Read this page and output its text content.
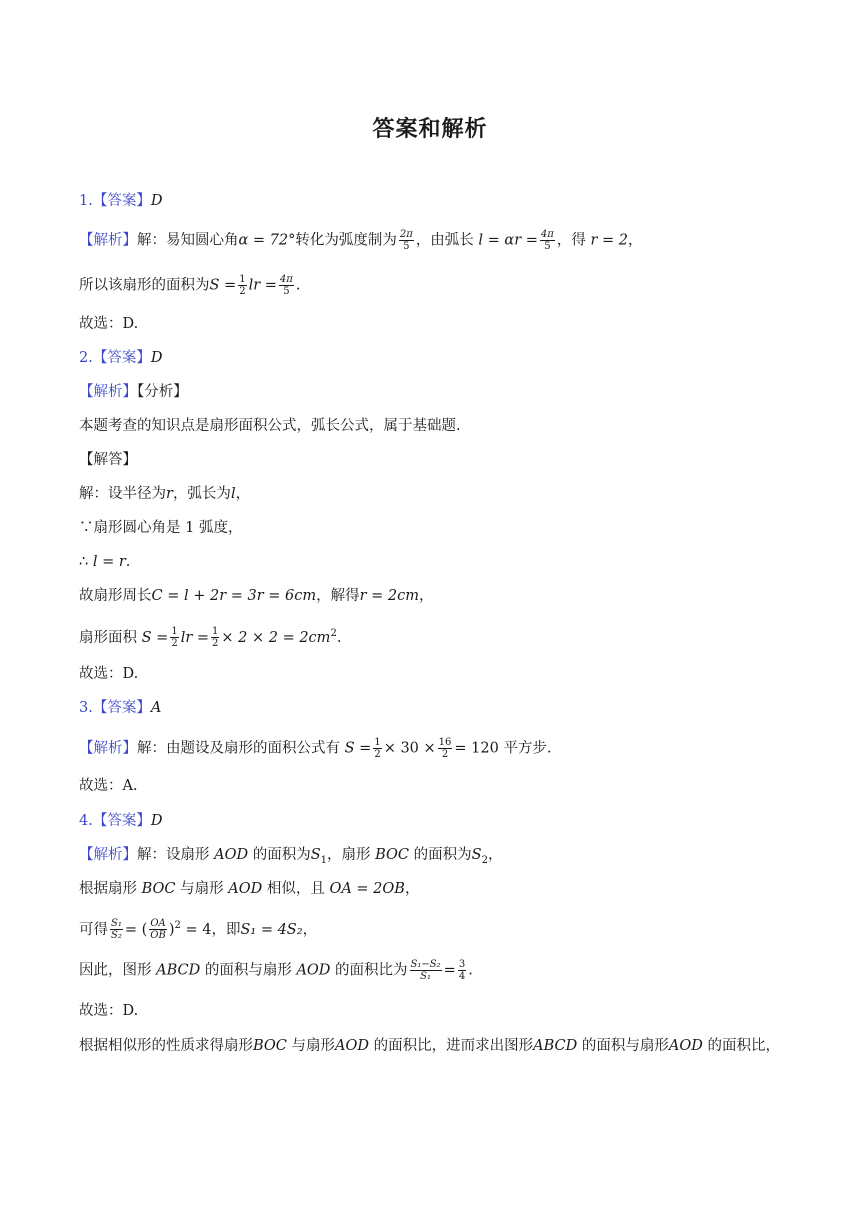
答案和解析
1.【答案】D
【解析】解：易知圆心角α = 72°转化为弧度制为 $\frac{2\pi}{5}$ ，由弧长 $l = \alpha r = \frac{4\pi}{5}$ ，得 r = 2，
所以该扇形的面积为$S = \frac{1}{2}$ lr = $\frac{4\pi}{5}$ .
故选：D.
2.【答案】D
【解析】【分析】
本题考查的知识点是扇形面积公式，弧长公式，属于基础题.
【解答】
解：设半径为r，弧长为l，
∵扇形圆心角是 1 弧度，
∴ l = r.
故扇形周长C = l + 2r = 3r = 6cm，解得r = 2cm，
扇形面积 $S = \frac{1}{2}$ lr = $\frac{1}{2} \times 2 \times 2 = 2cm^2$.
故选：D.
3.【答案】A
【解析】解：由题设及扇形的面积公式有 $S = \frac{1}{2} \times 30 \times \frac{16}{2} = 120$ 平方步.
故选：A.
4.【答案】D
【解析】解：设扇形 AOD 的面积为$S_1$，扇形 BOC 的面积为$S_2$，
根据扇形 BOC 与扇形 AOD 相似，且 OA = 2OB，
可得 $\frac{\text{S₁}}{\text{S₂}}$ = ( $\frac{OA}{OB} )^2 = 4$，即S₁ = 4S₂，
因此，图形 ABCD 的面积与扇形 AOD 的面积比为 $\frac{\text{S₁−S₂}}{\text{S₁}} = \frac{3}{4}$ .
故选：D.
根据相似形的性质求得扇形BOC 与扇形AOD 的面积比，进而求出图形ABCD 的面积与扇形AOD 的面积比，
